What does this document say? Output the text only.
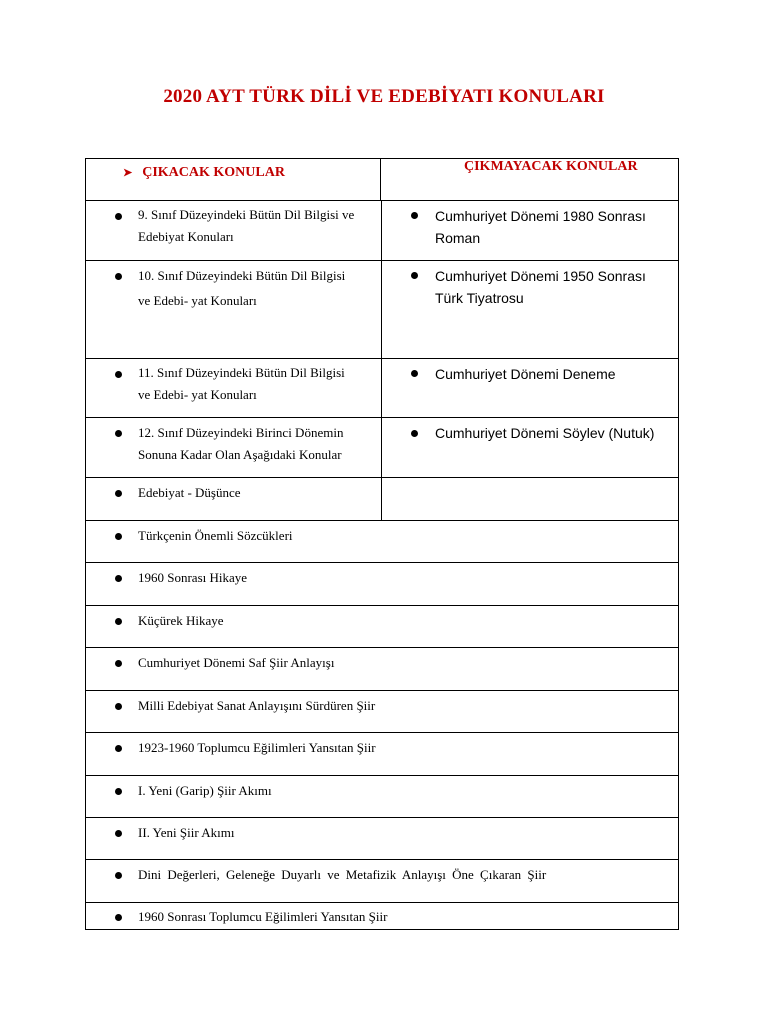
2020 AYT TÜRK DİLİ VE EDEBİYATI KONULARI
➤ ÇIKACAK KONULAR	ÇIKMAYACAK KONULAR
9. Sınıf Düzeyindeki Bütün Dil Bilgisi ve
Edebiyat Konuları
10. Sınıf Düzeyindeki Bütün Dil Bilgisi
ve Edebi- yat Konuları
11. Sınıf Düzeyindeki Bütün Dil Bilgisi
ve Edebi- yat Konuları
12. Sınıf Düzeyindeki Birinci Dönemin
Sonuna Kadar Olan Aşağıdaki Konular
Edebiyat - Düşünce
Cumhuriyet Dönemi 1980 Sonrası
Roman
Cumhuriyet Dönemi 1950 Sonrası
Türk Tiyatrosu
Cumhuriyet Dönemi Deneme
Cumhuriyet Dönemi Söylev (Nutuk)
Türkçenin Önemli Sözcükleri
1960 Sonrası Hikaye
Küçürek Hikaye
Cumhuriyet Dönemi Saf Şiir Anlayışı
Milli Edebiyat Sanat Anlayışını Sürdüren Şiir
1923-1960 Toplumcu Eğilimleri Yansıtan Şiir
I. Yeni (Garip) Şiir Akımı
II. Yeni Şiir Akımı
Dini Değerleri, Geleneğe Duyarlı ve Metafizik Anlayışı Öne Çıkaran Şiir
1960 Sonrası Toplumcu Eğilimleri Yansıtan Şiir
